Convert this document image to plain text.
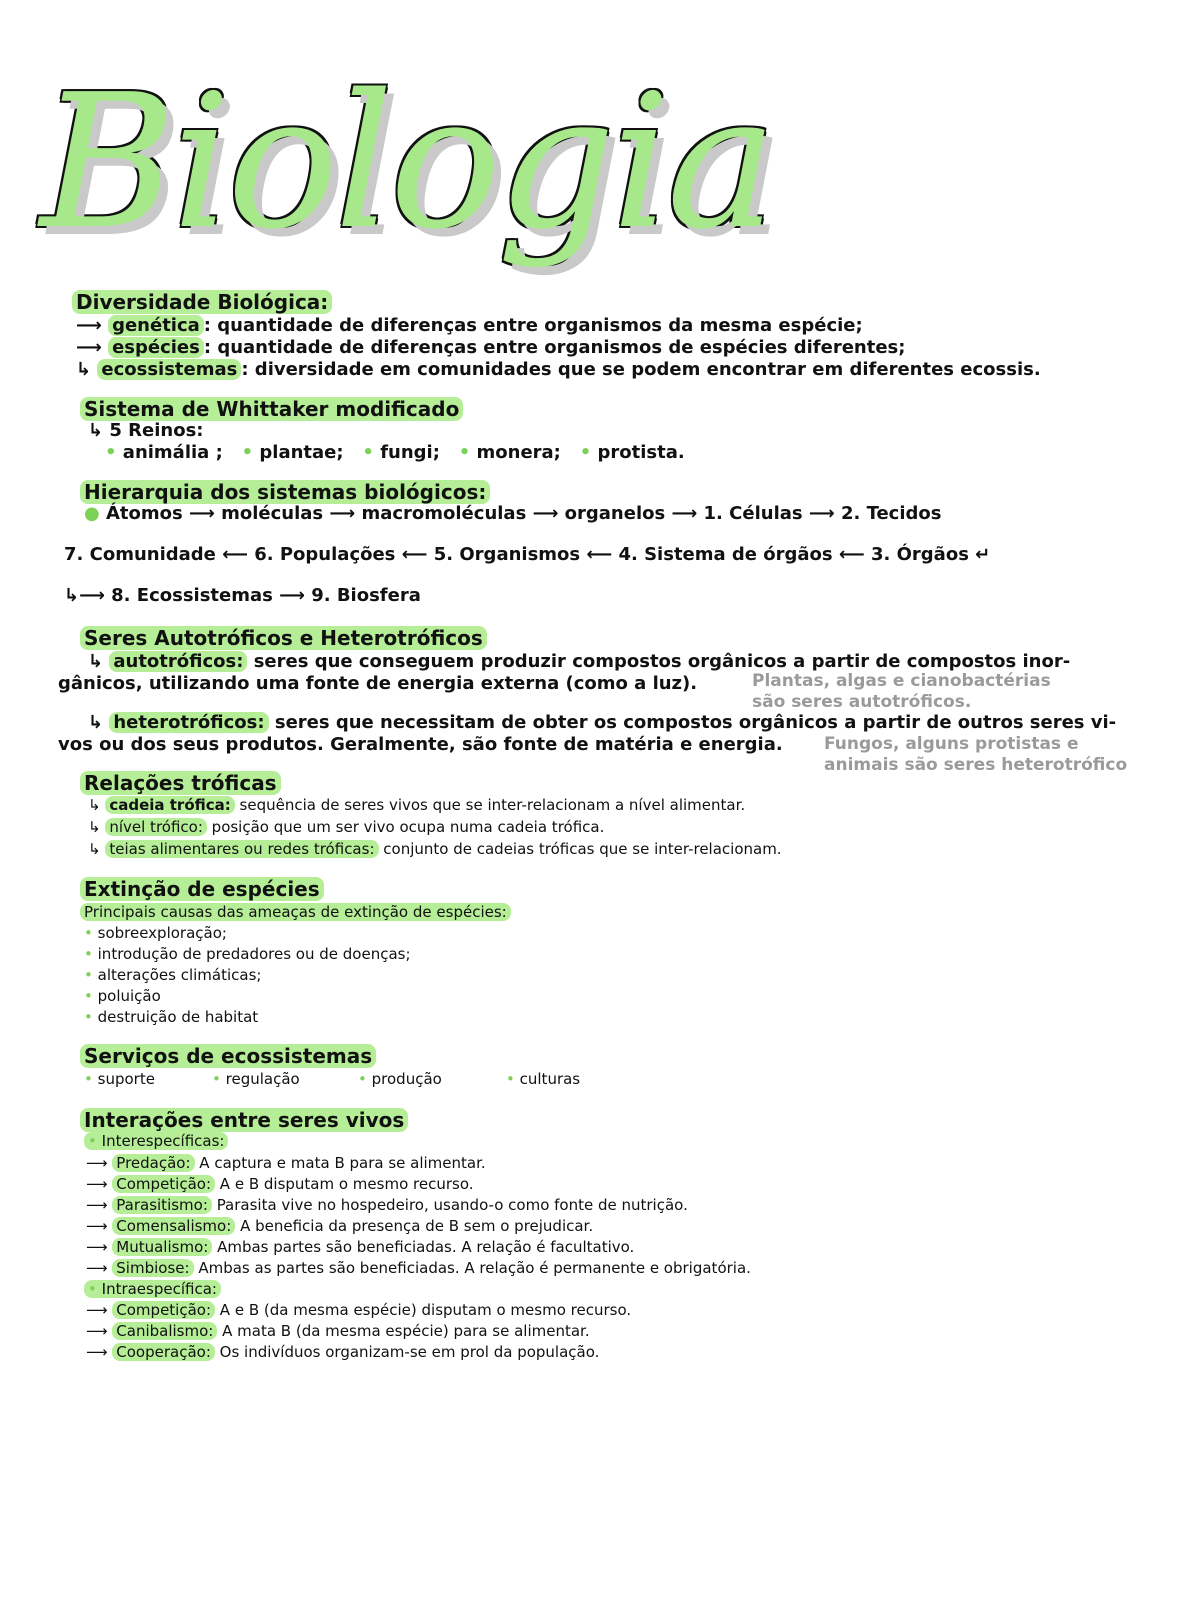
Biologia
Diversidade Biológica:
⟶ genética : quantidade de diferenças entre organismos da mesma espécie;
⟶ espécies : quantidade de diferenças entre organismos de espécies diferentes;
↳ ecossistemas : diversidade em comunidades que se podem encontrar em diferentes ecossis.
Sistema de Whittaker modificado
↳ 5 Reinos:
• animália ; • plantae; • fungi; • monera; • protista.
Hierarquia dos sistemas biológicos:
● Átomos ⟶ moléculas ⟶ macromoléculas ⟶ organelos ⟶ 1. Células ⟶ 2. Tecidos
7. Comunidade ⟵ 6. Populações ⟵ 5. Organismos ⟵ 4. Sistema de órgãos ⟵ 3. Órgãos ↵
↳⟶ 8. Ecossistemas ⟶ 9. Biosfera
Seres Autotróficos e Heterotróficos
↳ autotróficos: seres que conseguem produzir compostos orgânicos a partir de compostos inor-
gânicos, utilizando uma fonte de energia externa (como a luz).	Plantas, algas e cianobactérias
são seres autotróficos.
↳ heterotróficos: seres que necessitam de obter os compostos orgânicos a partir de outros seres vi-
vos ou dos seus produtos. Geralmente, são fonte de matéria e energia. Fungos, alguns protistas e
animais são seres heterotrófico
Relações tróficas
↳ cadeia trófica: sequência de seres vivos que se inter-relacionam a nível alimentar.
↳ nível trófico: posição que um ser vivo ocupa numa cadeia trófica.
↳ teias alimentares ou redes tróficas: conjunto de cadeias tróficas que se inter-relacionam.
Extinção de espécies
Principais causas das ameaças de extinção de espécies:
• sobreexploração;
• introdução de predadores ou de doenças;
• alterações climáticas;
• poluição
• destruição de habitat
Serviços de ecossistemas
• suporte	• regulação	• produção	• culturas
Interações entre seres vivos
• Interespecíficas:
⟶ Predação: A captura e mata B para se alimentar.
⟶ Competição: A e B disputam o mesmo recurso.
⟶ Parasitismo: Parasita vive no hospedeiro, usando-o como fonte de nutrição.
⟶ Comensalismo: A beneficia da presença de B sem o prejudicar.
⟶ Mutualismo: Ambas partes são beneficiadas. A relação é facultativo.
⟶ Simbiose: Ambas as partes são beneficiadas. A relação é permanente e obrigatória.
• Intraespecífica:
⟶ Competição: A e B (da mesma espécie) disputam o mesmo recurso.
⟶ Canibalismo: A mata B (da mesma espécie) para se alimentar.
⟶ Cooperação: Os indivíduos organizam-se em prol da população.
